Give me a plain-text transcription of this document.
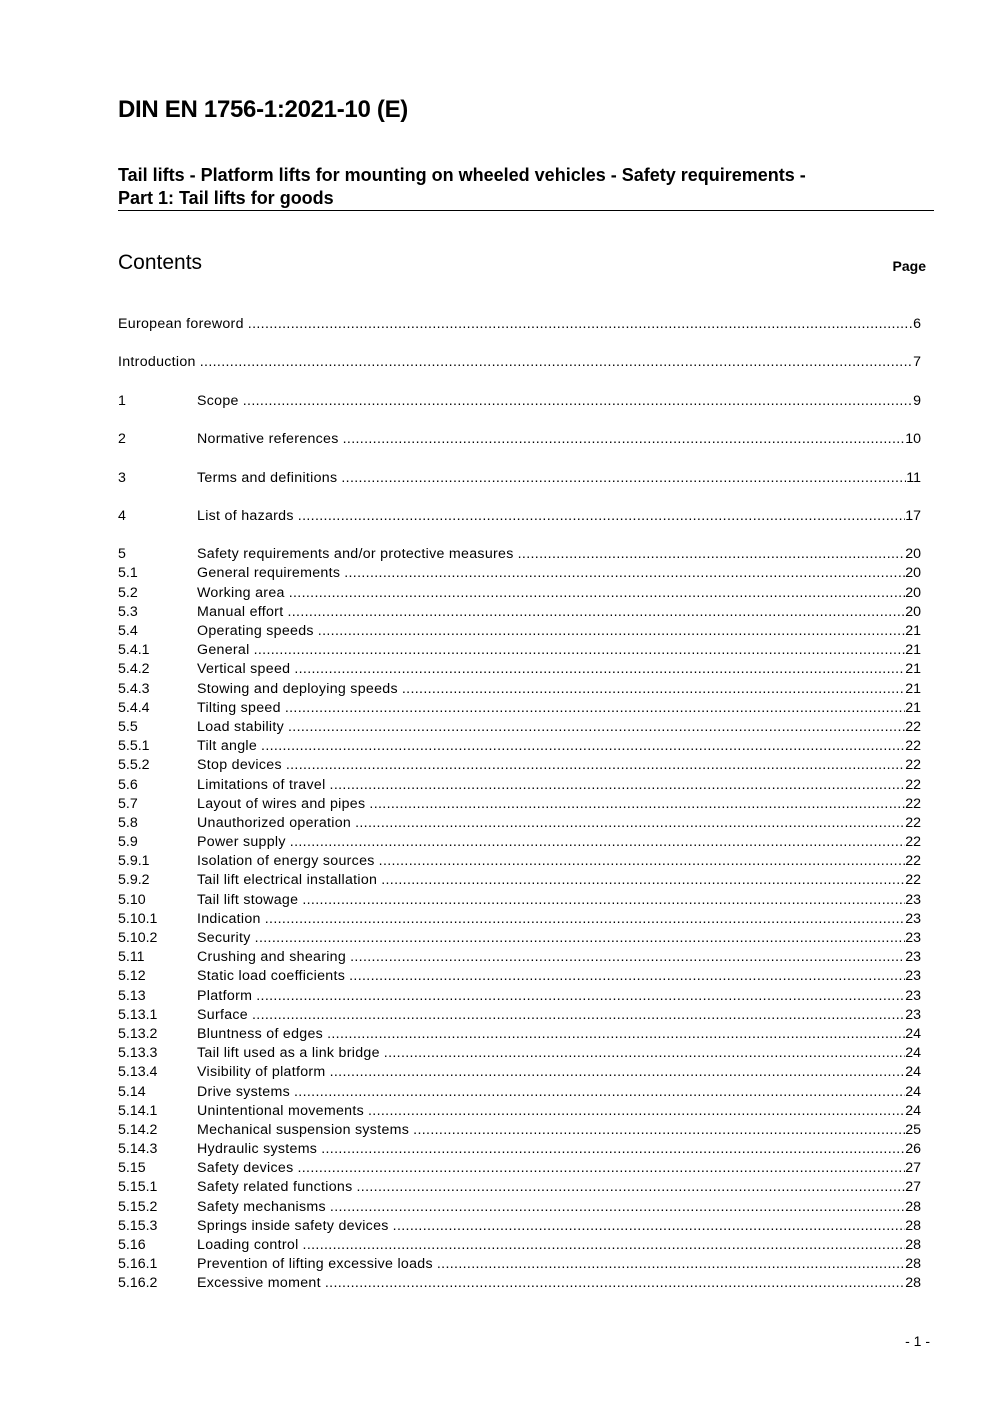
DIN EN 1756-1:2021-10 (E)
Tail lifts - Platform lifts for mounting on wheeled vehicles - Safety requirements -
Part 1: Tail lifts for goods
Contents	Page
European foreword .....	6
Introduction .....	7
1	Scope .....	9
2	Normative references .....	10
3	Terms and definitions .....	11
4	List of hazards .....	17
5	Safety requirements and/or protective measures .....	20
5.1	General requirements .....	20
5.2	Working area .....	20
5.3	Manual effort .....	20
5.4	Operating speeds .....	21
5.4.1	General .....	21
5.4.2	Vertical speed .....	21
5.4.3	Stowing and deploying speeds .....	21
5.4.4	Tilting speed .....	21
5.5	Load stability .....	22
5.5.1	Tilt angle .....	22
5.5.2	Stop devices .....	22
5.6	Limitations of travel .....	22
5.7	Layout of wires and pipes .....	22
5.8	Unauthorized operation .....	22
5.9	Power supply .....	22
5.9.1	Isolation of energy sources .....	22
5.9.2	Tail lift electrical installation .....	22
5.10	Tail lift stowage .....	23
5.10.1	Indication .....	23
5.10.2	Security .....	23
5.11	Crushing and shearing .....	23
5.12	Static load coefficients .....	23
5.13	Platform .....	23
5.13.1	Surface .....	23
5.13.2	Bluntness of edges .....	24
5.13.3	Tail lift used as a link bridge .....	24
5.13.4	Visibility of platform .....	24
5.14	Drive systems .....	24
5.14.1	Unintentional movements .....	24
5.14.2	Mechanical suspension systems .....	25
5.14.3	Hydraulic systems .....	26
5.15	Safety devices .....	27
5.15.1	Safety related functions .....	27
5.15.2	Safety mechanisms .....	28
5.15.3	Springs inside safety devices .....	28
5.16	Loading control .....	28
5.16.1	Prevention of lifting excessive loads .....	28
5.16.2	Excessive moment .....	28
- 1 -
